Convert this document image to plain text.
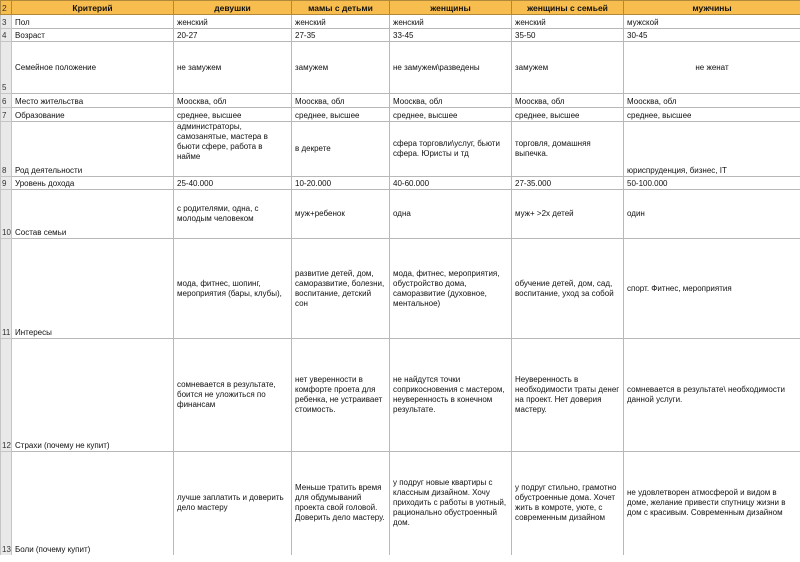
2	Критерий	девушки	мамы с детьми	женщины	женщины с семьей	мужчины
3	Пол	женский	женский	женский	женский	мужской
4	Возраст	20-27	27-35	33-45	35-50	30-45
5	Семейное положение	не замужем	замужем	не замужем\разведены	замужем	не женат
6	Место жительства	Моосква, обл	Моосква, обл	Моосква, обл	Моосква, обл	Моосква, обл
7	Образование	среднее, высшее	среднее, высшее	среднее, высшее	среднее, высшее	среднее, высшее
8	Род деятельности	администраторы, самозанятые, мастера в бьюти сфере, работа в найме	в декрете	сфера торговли\услуг, бьюти сфера. Юристы и тд	торговля, домашняя выпечка.	юриспруденция, бизнес, IT
9	Уровень дохода	25-40.000	10-20.000	40-60.000	27-35.000	50-100.000
10	Состав семьи	с родителями, одна, с молодым человеком	муж+ребенок	одна	муж+ >2х детей	один
11	Интересы	мода, фитнес, шопинг, мероприятия (бары, клубы),	развитие детей, дом, саморазвитие, болезни, воспитание, детский сон	мода, фитнес, мероприятия, обустройство дома, саморазвитие (духовное, ментальное)	обучение детей, дом, сад, воспитание, уход за собой	спорт. Фитнес, мероприятия
12	Страхи (почему не купит)	сомневается в результате, боится не уложиться по финансам	нет уверенности в комфорте проета для ребенка, не устраивает стоимость.	не найдутся точки соприкосновения с мастером, неуверенность в конечном результате.	Неуверенность в необходимости траты денег на проект. Нет доверия мастеру.	сомневается в результате\ необходимости данной услуги.
13	Боли (почему купит)	лучше заплатить и доверить дело мастеру	Меньше тратить время для обдумываний проекта свой головой. Доверить дело мастеру.	у подруг новые квартиры с классным дизайном. Хочу приходить с работы в уютный, рационально обустроенный дом.	у подруг стильно, грамотно обустроенные дома. Хочет жить в комроте, уюте, с современным дизайном	не удовлетворен атмосферой и видом в доме, желание привести спутницу жизни в дом с красивым. Современным дизайном
